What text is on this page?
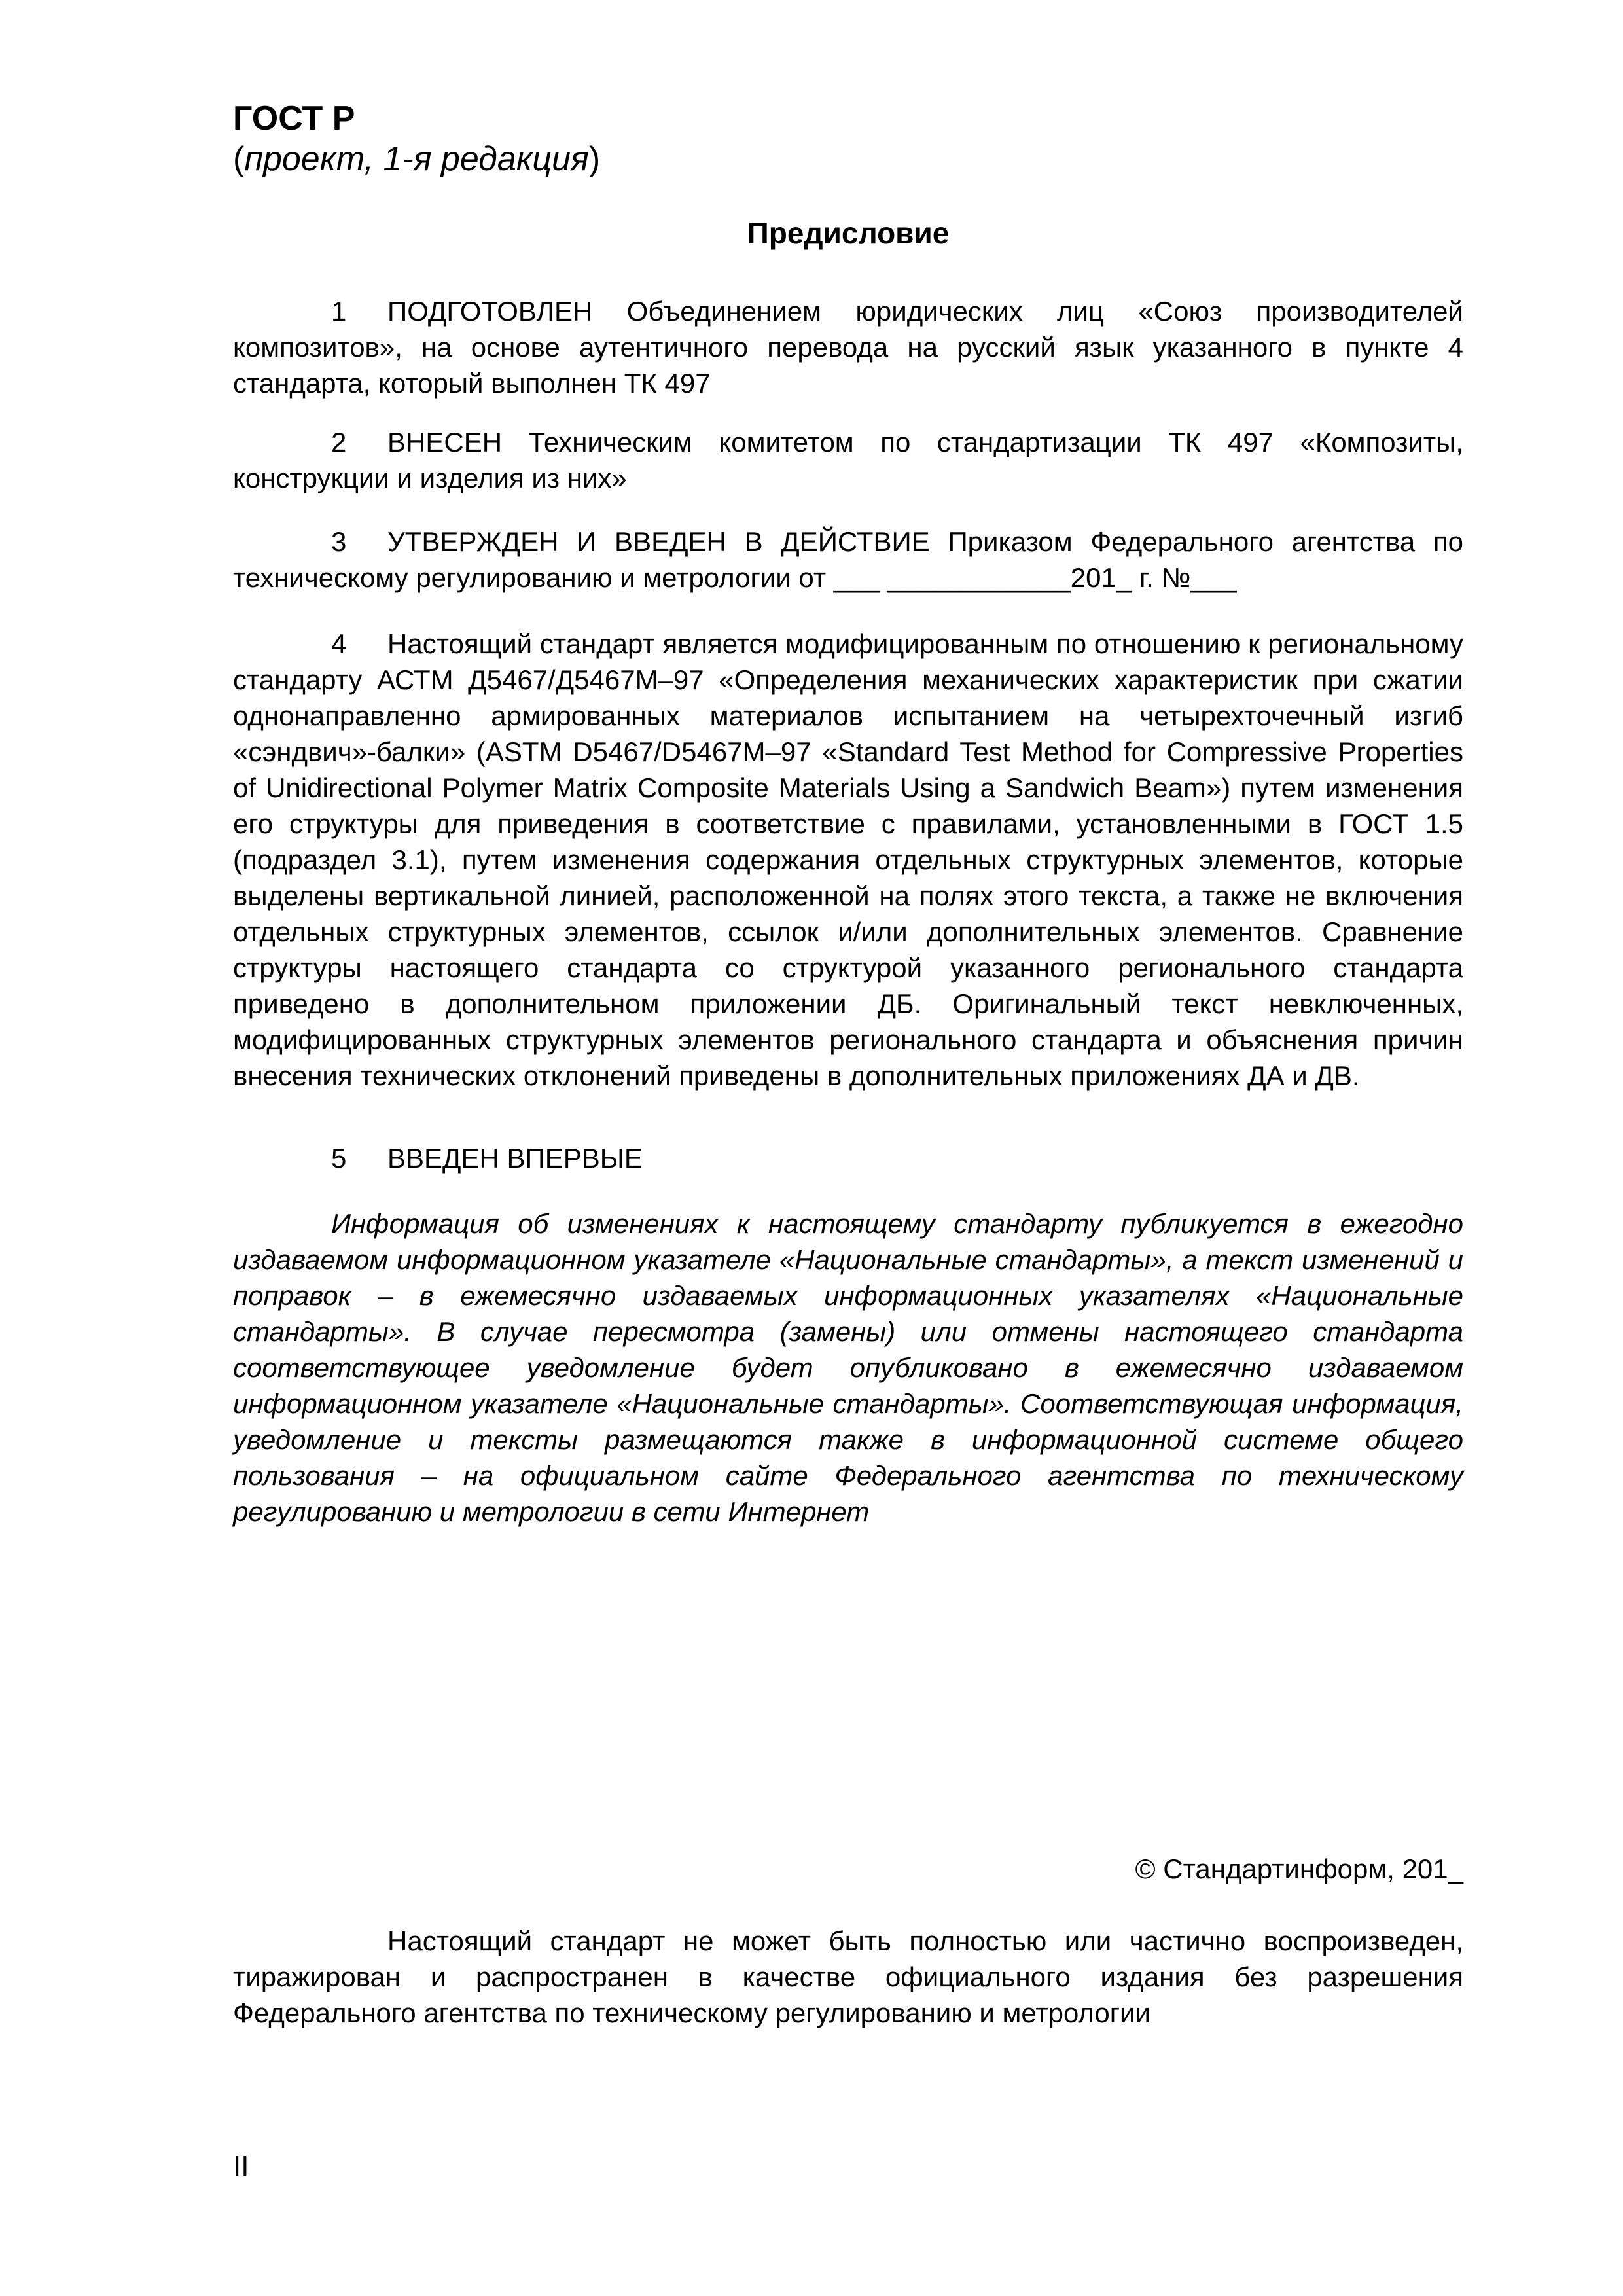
ГОСТ Р
(проект, 1-я редакция)
Предисловие

1 ПОДГОТОВЛЕН Объединением юридических лиц «Союз производителей композитов», на основе аутентичного перевода на русский язык указанного в пункте 4 стандарта, который выполнен ТК 497

2 ВНЕСЕН Техническим комитетом по стандартизации ТК 497 «Композиты, конструкции и изделия из них»

3 УТВЕРЖДЕН И ВВЕДЕН В ДЕЙСТВИЕ Приказом Федерального агентства по техническому регулированию и метрологии от ___ ____________201_ г. №___

4 Настоящий стандарт является модифицированным по отношению к региональному стандарту АСТМ Д5467/Д5467М–97 «Определения механических характеристик при сжатии однонаправленно армированных материалов испытанием на четырехточечный изгиб «сэндвич»-балки» (ASTM D5467/D5467M–97 «Standard Test Method for Compressive Properties of Unidirectional Polymer Matrix Composite Materials Using a Sandwich Beam») путем изменения его структуры для приведения в соответствие с правилами, установленными в ГОСТ 1.5 (подраздел 3.1), путем изменения содержания отдельных структурных элементов, которые выделены вертикальной линией, расположенной на полях этого текста, а также не включения отдельных структурных элементов, ссылок и/или дополнительных элементов. Сравнение структуры настоящего стандарта со структурой указанного регионального стандарта приведено в дополнительном приложении ДБ. Оригинальный текст невключенных, модифицированных структурных элементов регионального стандарта и объяснения причин внесения технических отклонений приведены в дополнительных приложениях ДА и ДВ.

5 ВВЕДЕН ВПЕРВЫЕ

Информация об изменениях к настоящему стандарту публикуется в ежегодно издаваемом информационном указателе «Национальные стандарты», а текст изменений и поправок – в ежемесячно издаваемых информационных указателях «Национальные стандарты». В случае пересмотра (замены) или отмены настоящего стандарта соответствующее уведомление будет опубликовано в ежемесячно издаваемом информационном указателе «Национальные стандарты». Соответствующая информация, уведомление и тексты размещаются также в информационной системе общего пользования – на официальном сайте Федерального агентства по техническому регулированию и метрологии в сети Интернет

© Стандартинформ, 201_

Настоящий стандарт не может быть полностью или частично воспроизведен, тиражирован и распространен в качестве официального издания без разрешения Федерального агентства по техническому регулированию и метрологии

II
